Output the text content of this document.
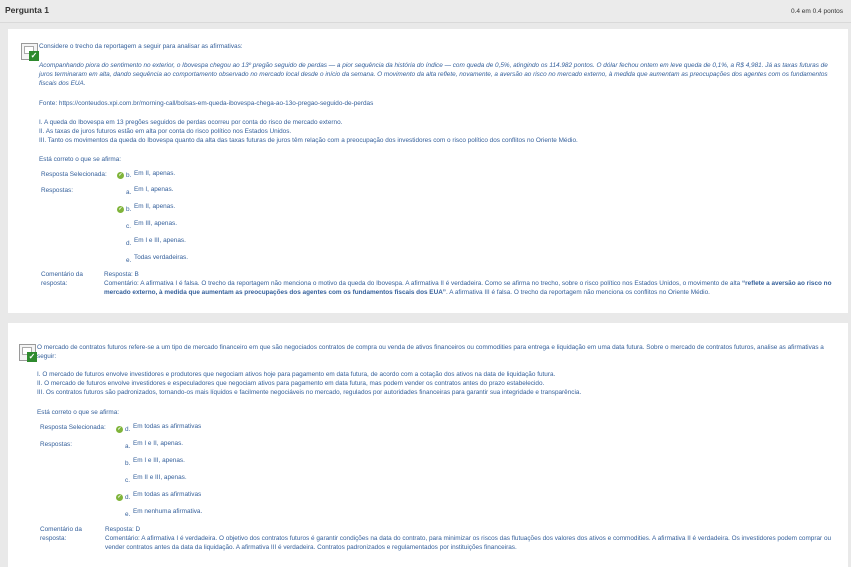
Pergunta 1	0.4 em 0.4 pontos
✓
Considere o trecho da reportagem a seguir para analisar as afirmativas:
Acompanhando piora do sentimento no exterior, o Ibovespa chegou ao 13º pregão seguido de perdas — a pior sequência da história do índice — com queda de 0,5%, atingindo os 114.982 pontos. O dólar fechou ontem em leve queda de 0,1%, a R$ 4,981. Já as taxas futuras de juros terminaram em alta, dando sequência ao comportamento observado no mercado local desde o início da semana. O movimento da alta reflete, novamente, a aversão ao risco no mercado externo, à medida que aumentam as preocupações dos agentes com os fundamentos fiscais dos EUA.
Fonte: https://conteudos.xpi.com.br/morning-call/bolsas-em-queda-ibovespa-chega-ao-13o-pregao-seguido-de-perdas
I. A queda do Ibovespa em 13 pregões seguidos de perdas ocorreu por conta do risco de mercado externo.
II. As taxas de juros futuros estão em alta por conta do risco político nos Estados Unidos.
III. Tanto os movimentos da queda do Ibovespa quanto da alta das taxas futuras de juros têm relação com a preocupação dos investidores com o risco político dos conflitos no Oriente Médio.
Está correto o que se afirma:
Resposta Selecionada: ✓ b. Em II, apenas.
Respostas:	a. Em I, apenas.
✓ b. Em II, apenas.
c. Em III, apenas.
d. Em I e III, apenas.
e. Todas verdadeiras.
Comentário da
resposta:
Resposta: B
Comentário: A afirmativa I é falsa. O trecho da reportagem não menciona o motivo da queda do Ibovespa. A afirmativa II é verdadeira. Como se afirma no trecho, sobre o risco político nos Estados Unidos, o movimento de alta “reflete a aversão ao risco no mercado externo, à medida que aumentam as preocupações dos agentes com os fundamentos fiscais dos EUA”. A afirmativa III é falsa. O trecho da reportagem não menciona os conflitos no Oriente Médio.
✓
O mercado de contratos futuros refere-se a um tipo de mercado financeiro em que são negociados contratos de compra ou venda de ativos financeiros ou commodities para entrega e liquidação em uma data futura. Sobre o mercado de contratos futuros, analise as afirmativas a seguir:
I. O mercado de futuros envolve investidores e produtores que negociam ativos hoje para pagamento em data futura, de acordo com a cotação dos ativos na data de liquidação futura.
II. O mercado de futuros envolve investidores e especuladores que negociam ativos para pagamento em data futura, mas podem vender os contratos antes do prazo estabelecido.
III. Os contratos futuros são padronizados, tornando-os mais líquidos e facilmente negociáveis no mercado, regulados por autoridades financeiras para garantir sua integridade e transparência.
Está correto o que se afirma:
Resposta Selecionada: ✓ d. Em todas as afirmativas
Respostas:	a. Em I e II, apenas.
b. Em I e III, apenas.
c. Em II e III, apenas.
✓ d. Em todas as afirmativas
e. Em nenhuma afirmativa.
Comentário da
resposta:
Resposta: D
Comentário: A afirmativa I é verdadeira. O objetivo dos contratos futuros é garantir condições na data do contrato, para minimizar os riscos das flutuações dos valores dos ativos e commodities. A afirmativa II é verdadeira. Os investidores podem comprar ou vender contratos antes da data da liquidação. A afirmativa III é verdadeira. Contratos padronizados e regulamentados por instituições financeiras.
